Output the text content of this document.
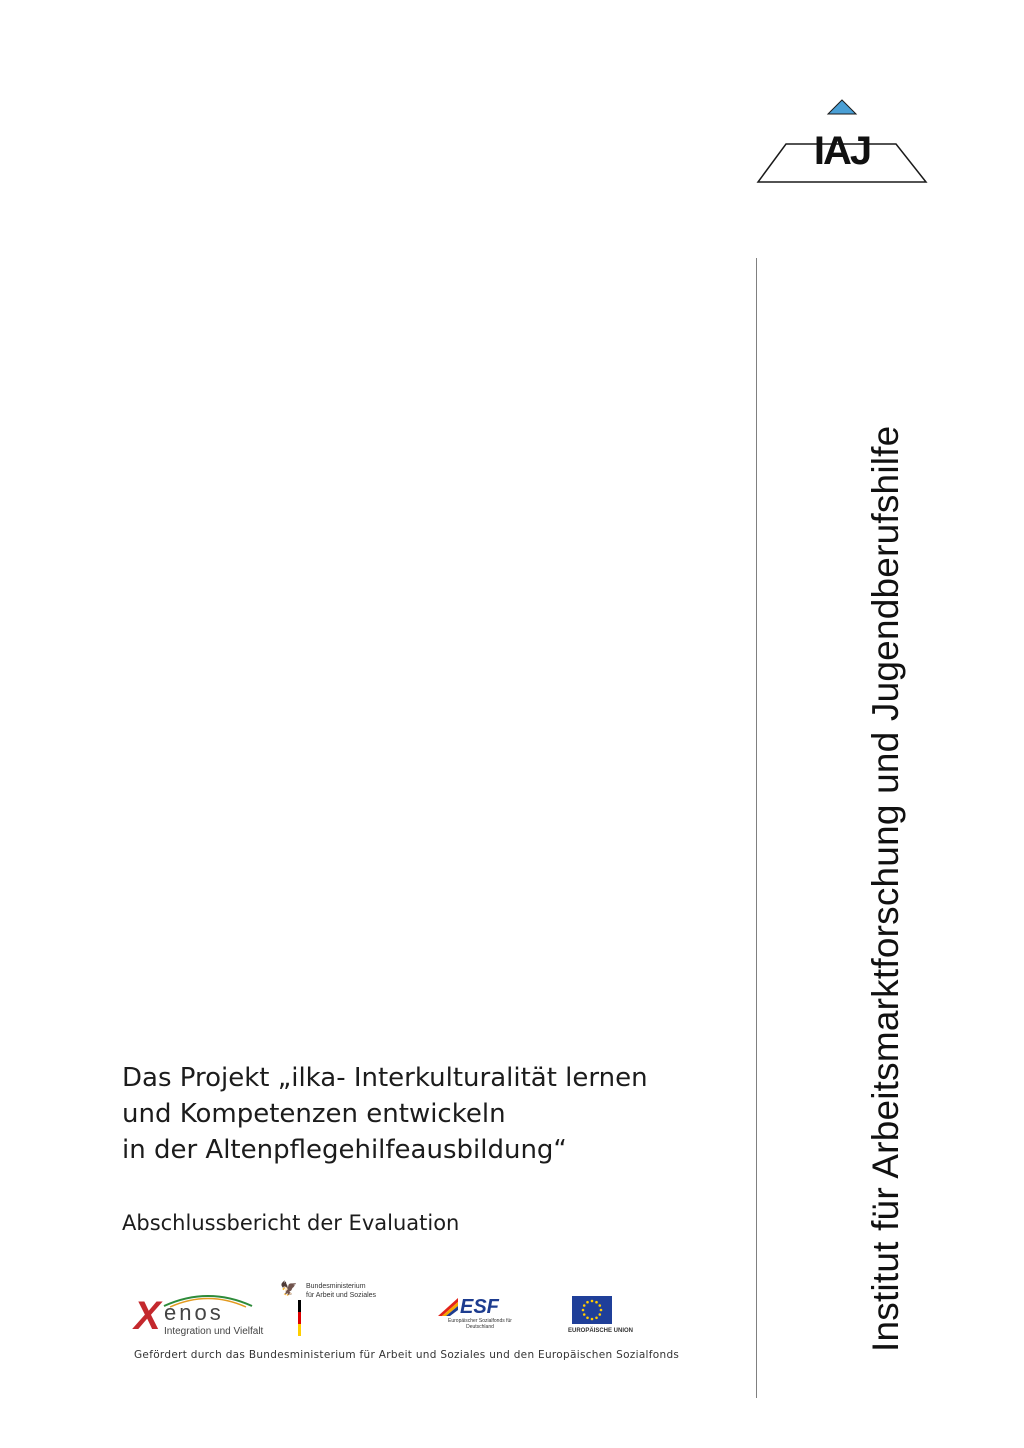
IAJ
Institut für Arbeitsmarktforschung und Jugendberufshilfe
Das Projekt „ilka- Interkulturalität lernen
und Kompetenzen entwickeln
in der Altenpflegehilfeausbildung“
Abschlussbericht der Evaluation
X enos
Integration und Vielfalt
🦅 Bundesministerium
für Arbeit und Soziales
ESF
Europäischer Sozialfonds für Deutschland
EUROPÄISCHE UNION
Gefördert durch das Bundesministerium für Arbeit und Soziales und den Europäischen Sozialfonds
